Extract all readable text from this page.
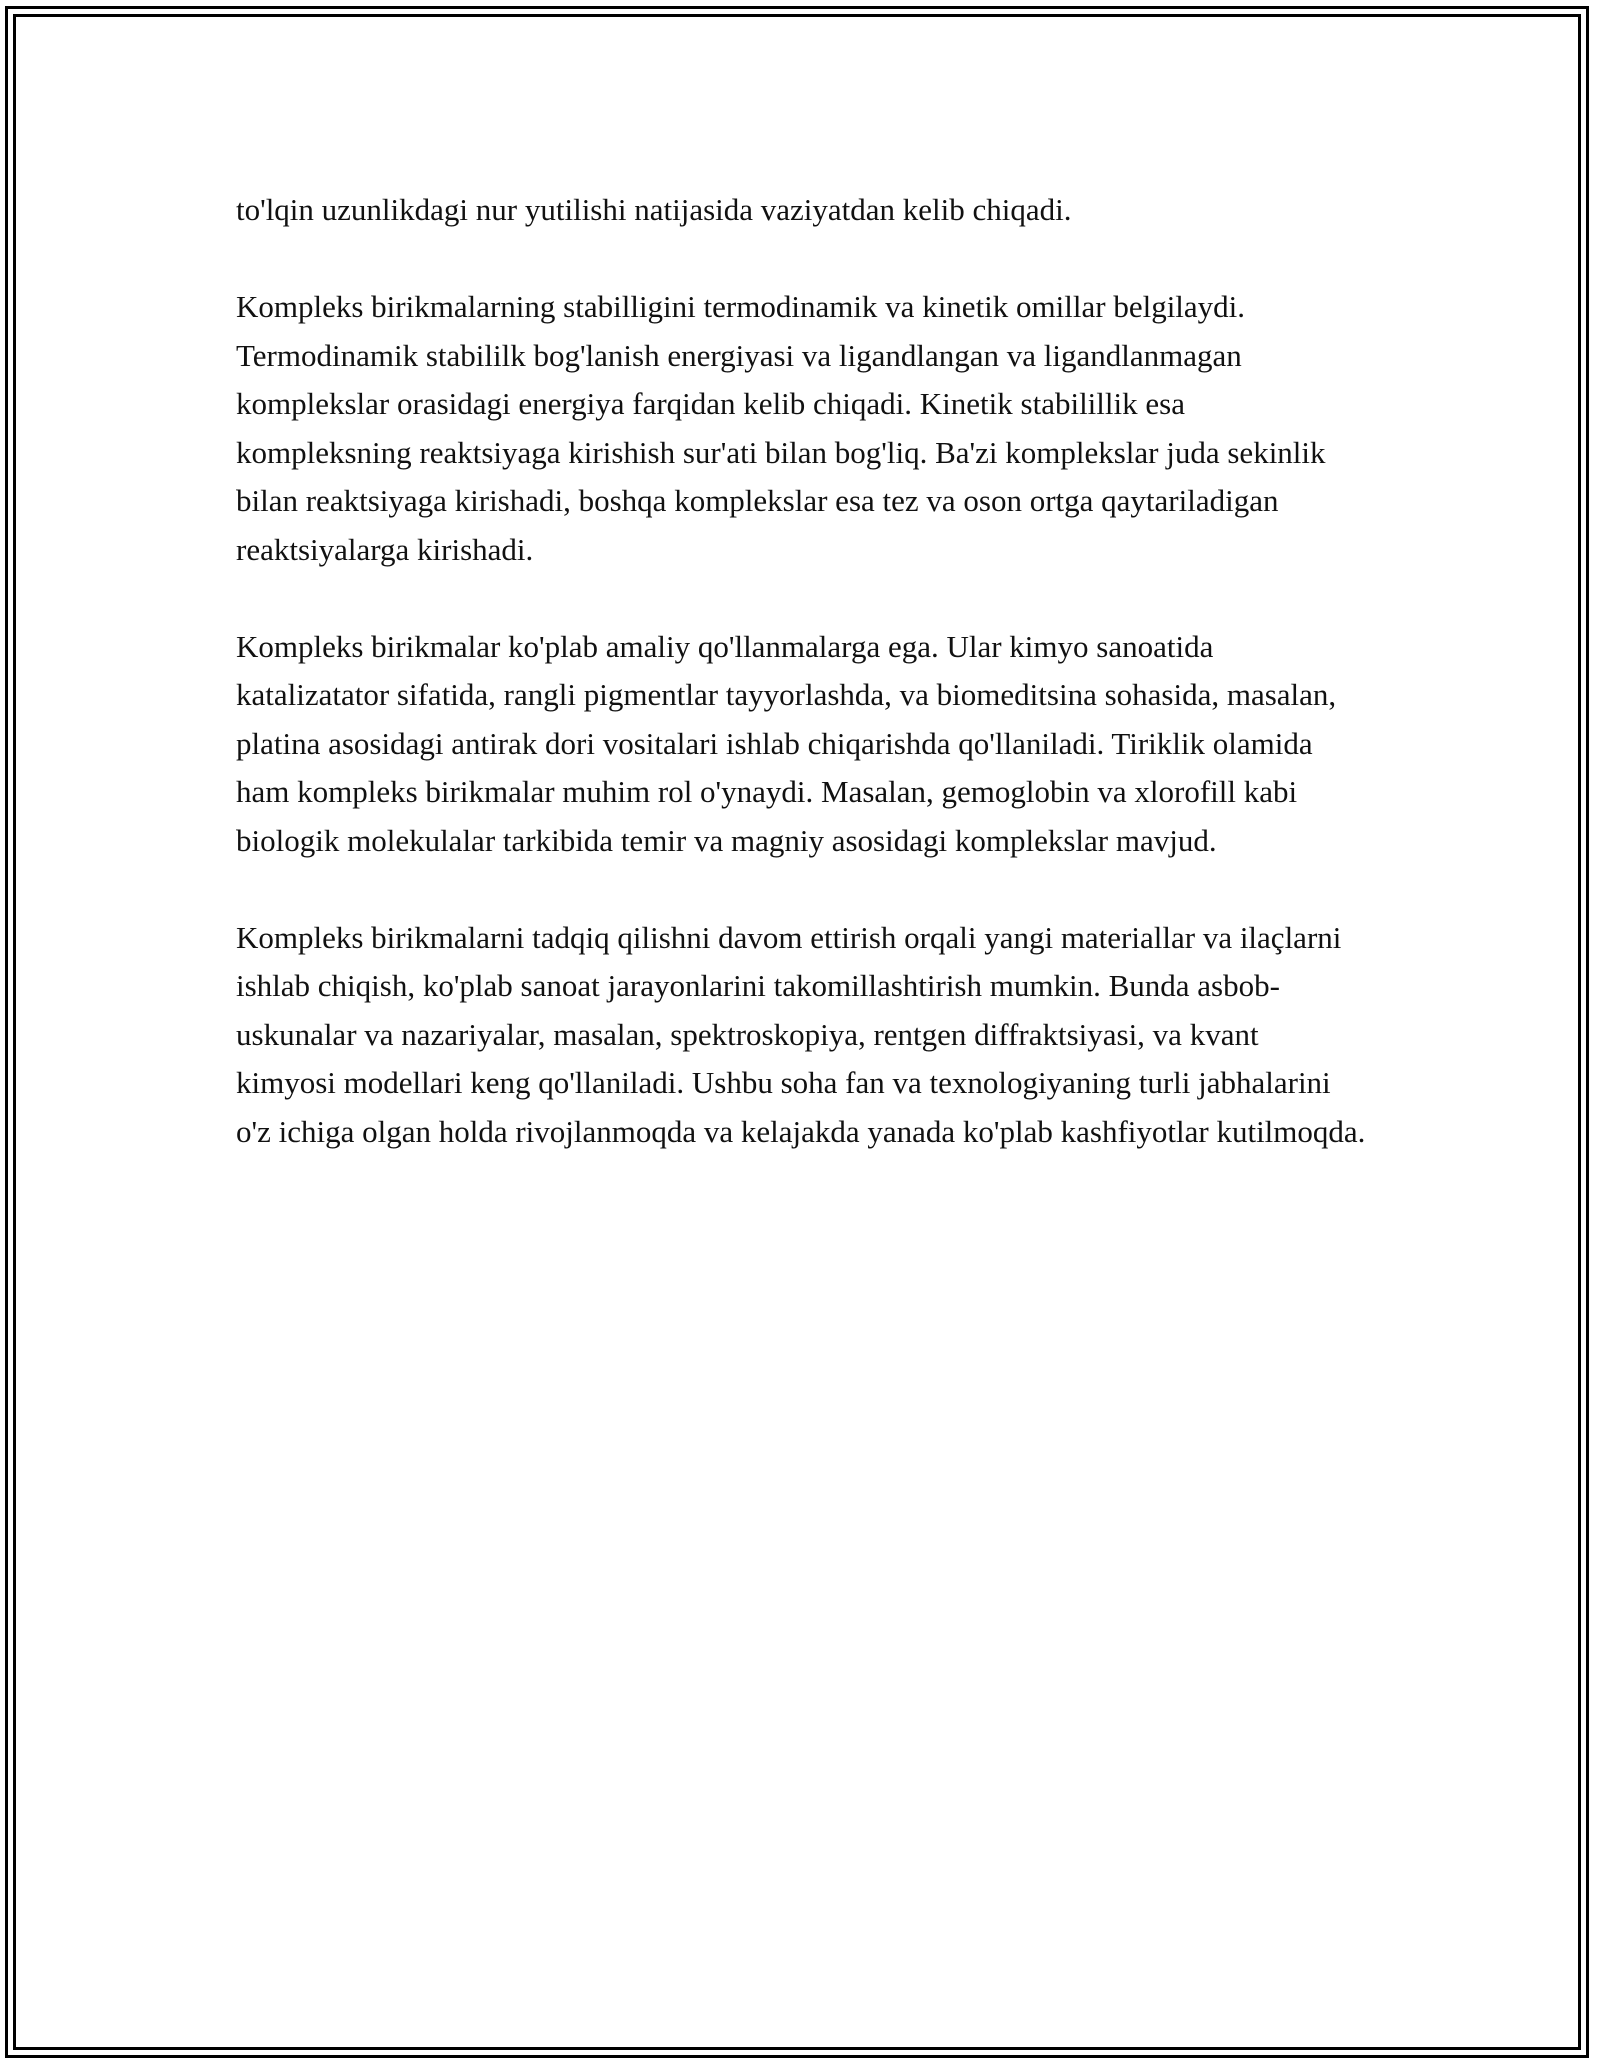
to'lqin uzunlikdagi nur yutilishi natijasida vaziyatdan kelib chiqadi.

Kompleks birikmalarning stabilligini termodinamik va kinetik omillar belgilaydi. Termodinamik stabililk bog'lanish energiyasi va ligandlangan va ligandlanmagan komplekslar orasidagi energiya farqidan kelib chiqadi. Kinetik stabilillik esa kompleksning reaktsiyaga kirishish sur'ati bilan bog'liq. Ba'zi komplekslar juda sekinlik bilan reaktsiyaga kirishadi, boshqa komplekslar esa tez va oson ortga qaytariladigan reaktsiyalarga kirishadi.

Kompleks birikmalar ko'plab amaliy qo'llanmalarga ega. Ular kimyo sanoatida katalizatator sifatida, rangli pigmentlar tayyorlashda, va biomeditsina sohasida, masalan, platina asosidagi antirak dori vositalari ishlab chiqarishda qo'llaniladi. Tiriklik olamida ham kompleks birikmalar muhim rol o'ynaydi. Masalan, gemoglobin va xlorofill kabi biologik molekulalar tarkibida temir va magniy asosidagi komplekslar mavjud.

Kompleks birikmalarni tadqiq qilishni davom ettirish orqali yangi materiallar va ilaçlarni ishlab chiqish, ko'plab sanoat jarayonlarini takomillashtirish mumkin. Bunda asbob-uskunalar va nazariyalar, masalan, spektroskopiya, rentgen diffraktsiyasi, va kvant kimyosi modellari keng qo'llaniladi. Ushbu soha fan va texnologiyaning turli jabhalarini o'z ichiga olgan holda rivojlanmoqda va kelajakda yanada ko'plab kashfiyotlar kutilmoqda.
